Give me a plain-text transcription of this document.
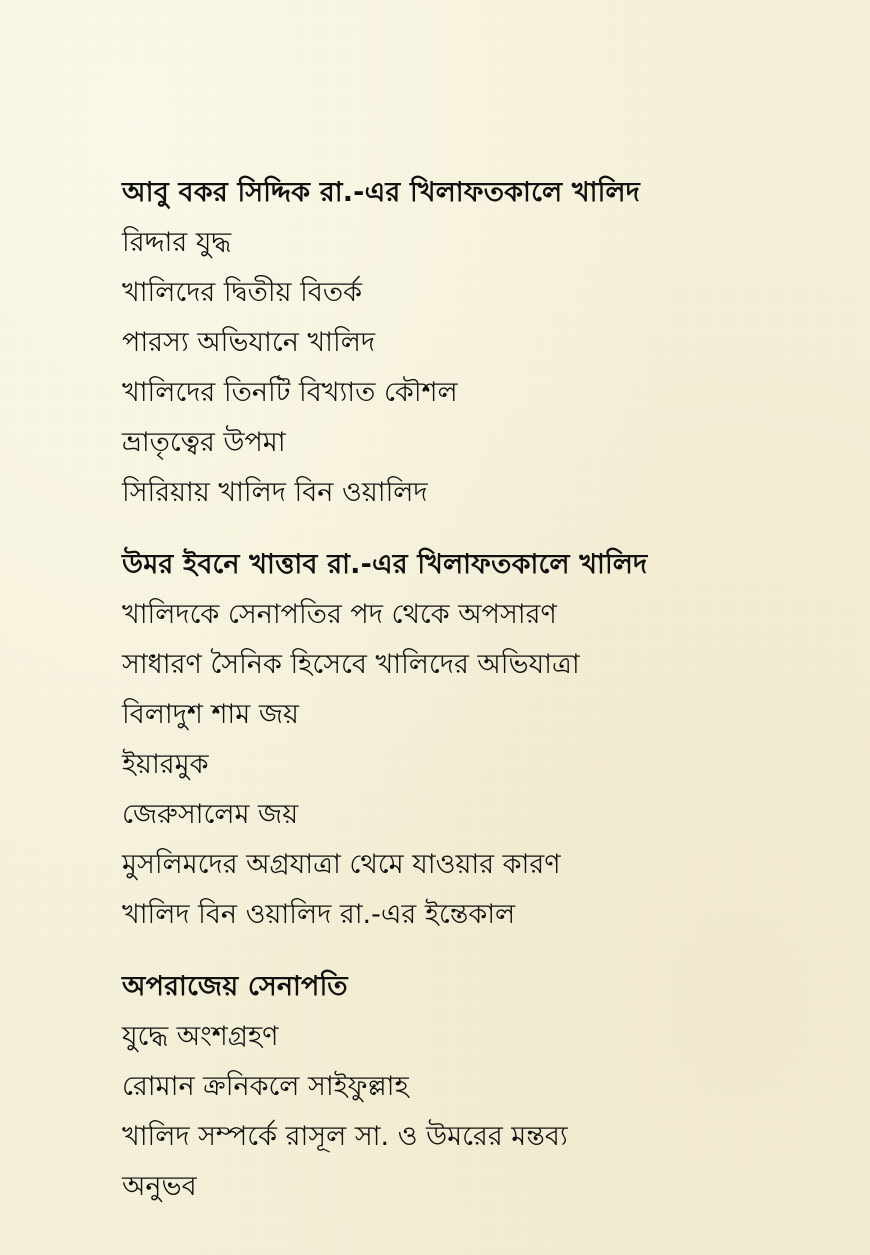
আবু বকর সিদ্দিক রা.-এর খিলাফতকালে খালিদ
রিদ্দার যুদ্ধ
খালিদের দ্বিতীয় বিতর্ক
পারস্য অভিযানে খালিদ
খালিদের তিনটি বিখ্যাত কৌশল
ভ্রাতৃত্বের উপমা
সিরিয়ায় খালিদ বিন ওয়ালিদ
উমর ইবনে খাত্তাব রা.-এর খিলাফতকালে খালিদ
খালিদকে সেনাপতির পদ থেকে অপসারণ
সাধারণ সৈনিক হিসেবে খালিদের অভিযাত্রা
বিলাদুশ শাম জয়
ইয়ারমুক
জেরুসালেম জয়
মুসলিমদের অগ্রযাত্রা থেমে যাওয়ার কারণ
খালিদ বিন ওয়ালিদ রা.-এর ইন্তেকাল
অপরাজেয় সেনাপতি
যুদ্ধে অংশগ্রহণ
রোমান ক্রনিকলে সাইফুল্লাহ
খালিদ সম্পর্কে রাসূল সা. ও উমরের মন্তব্য
অনুভব
